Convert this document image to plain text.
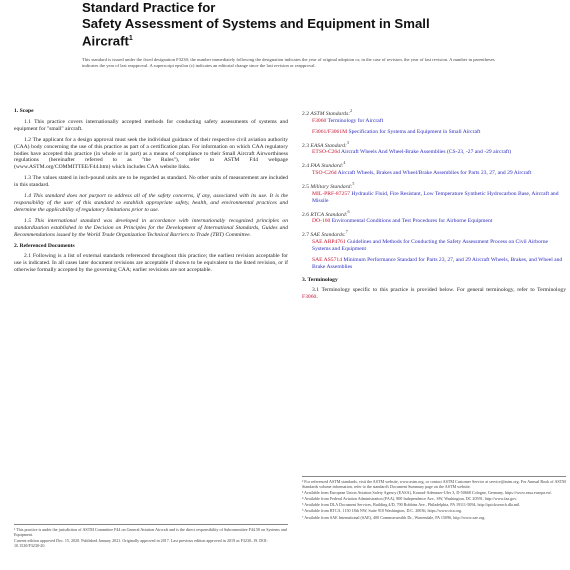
Standard Practice for
Safety Assessment of Systems and Equipment in Small
Aircraft$^1$
This standard is issued under the fixed designation F3230; the number immediately following the designation indicates the year of original adoption or, in the case of revision, the year of last revision. A number in parentheses indicates the year of last reapproval. A superscript epsilon (ε) indicates an editorial change since the last revision or reapproval.
1. Scope

1.1 This practice covers internationally accepted methods for conducting safety assessments of systems and equipment for "small" aircraft.

1.2 The applicant for a design approval must seek the individual guidance of their respective civil aviation authority (CAA) body concerning the use of this practice as part of a certification plan. For information on which CAA regulatory bodies have accepted this practice (in whole or in part) as a means of compliance to their Small Aircraft Airworthiness regulations (hereinafter referred to as "the Rules"), refer to ASTM F44 webpage (www.ASTM.org/COMMITTEE/F44.htm) which includes CAA website links.

1.3 The values stated in inch-pound units are to be regarded as standard. No other units of measurement are included in this standard.

1.4 This standard does not purport to address all of the safety concerns, if any, associated with its use. It is the responsibility of the user of this standard to establish appropriate safety, health, and environmental practices and determine the applicability of regulatory limitations prior to use.

1.5 This international standard was developed in accordance with internationally recognized principles on standardization established in the Decision on Principles for the Development of International Standards, Guides and Recommendations issued by the World Trade Organization Technical Barriers to Trade (TBT) Committee.

2. Referenced Documents

2.1 Following is a list of external standards referenced throughout this practice; the earliest revision acceptable for use is indicated. In all cases later document revisions are acceptable if shown to be equivalent to the listed revision, or if otherwise formally accepted by the governing CAA; earlier revisions are not acceptable.

¹ This practice is under the jurisdiction of ASTM Committee F44 on General Aviation Aircraft and is the direct responsibility of Subcommittee F44.50 on Systems and Equipment.
Current edition approved Dec. 15, 2020. Published January 2021. Originally approved in 2017. Last previous edition approved in 2019 as F3230–19. DOI: 10.1520/F3230-20.

2.2 ASTM Standards:$^2$

F3060 Terminology for Aircraft

F3061/F3061M Specification for Systems and Equipment in Small Aircraft

2.3 EASA Standard:$^3$

ETSO-C26d Aircraft Wheels And Wheel-Brake Assemblies (CS-23, -27 and -29 aircraft)

2.4 FAA Standard:$^4$

TSO-C26d Aircraft Wheels, Brakes and Wheel/Brake Assemblies for Parts 23, 27, and 29 Aircraft

2.5 Military Standard:$^5$

MIL-PRF-87257 Hydraulic Fluid, Fire Resistant, Low Temperature Synthetic Hydrocarbon Base, Aircraft and Missile

2.6 RTCA Standard:$^6$

DO-160 Environmental Conditions and Test Procedures for Airborne Equipment

2.7 SAE Standards:$^7$

SAE ARP4761 Guidelines and Methods for Conducting the Safety Assessment Process on Civil Airborne Systems and Equipment

SAE AS5714 Minimum Performance Standard for Parts 23, 27, and 29 Aircraft Wheels, Brakes, and Wheel and Brake Assemblies

3. Terminology

3.1 Terminology specific to this practice is provided below. For general terminology, refer to Terminology F3060.

² For referenced ASTM standards, visit the ASTM website, www.astm.org, or contact ASTM Customer Service at service@astm.org. For Annual Book of ASTM Standards volume information, refer to the standard's Document Summary page on the ASTM website.
³ Available from European Union Aviation Safety Agency (EASA), Konrad-Adenauer-Ufer 3, D-50668 Cologne, Germany, https://www.easa.europa.eu/.
⁴ Available from Federal Aviation Administration (FAA), 800 Independence Ave., SW, Washington, DC 20591, http://www.faa.gov.
⁵ Available from DLA Document Services, Building 4/D, 700 Robbins Ave., Philadelphia, PA 19111-5094, http://quicksearch.dla.mil.
⁶ Available from RTCA, 1150 18th NW, Suite 910 Washington, D.C. 20036, https://www.rtca.org.
⁷ Available from SAE International (SAE), 400 Commonwealth Dr., Warrendale, PA 15096, http://www.sae.org.
